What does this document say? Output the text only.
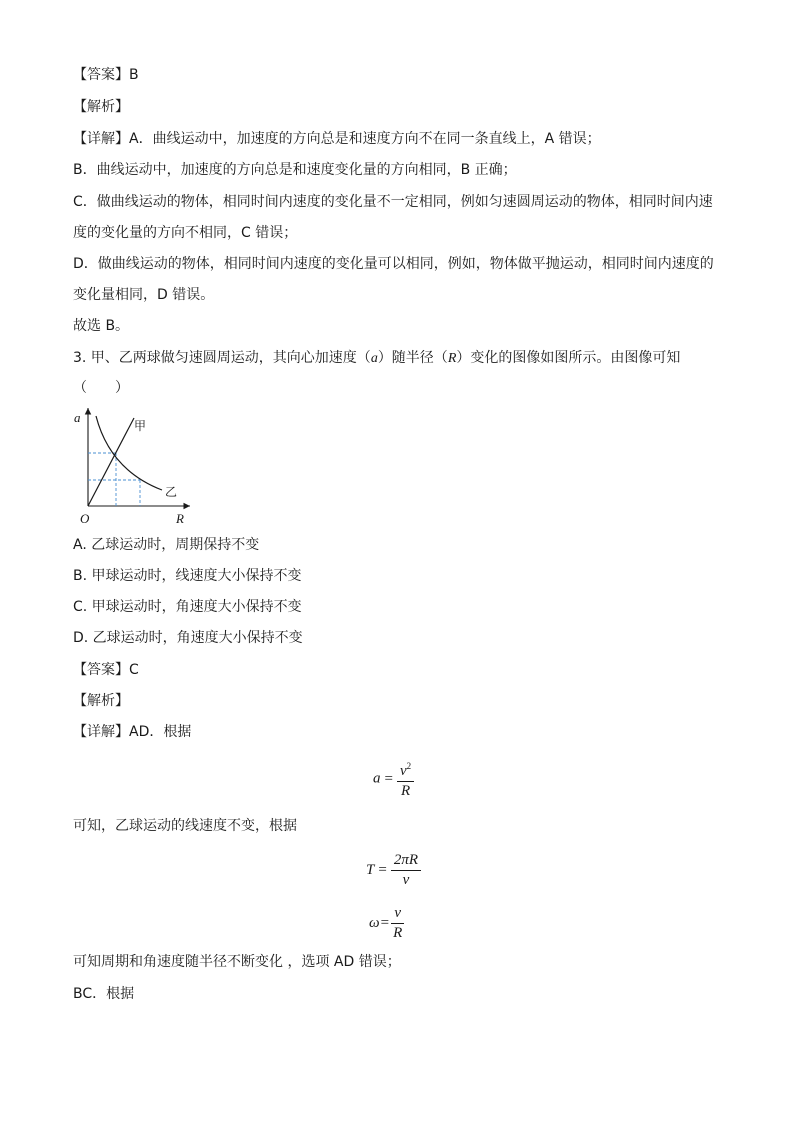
【答案】B
【解析】
【详解】A．曲线运动中，加速度的方向总是和速度方向不在同一条直线上，A 错误；
B．曲线运动中，加速度的方向总是和速度变化量的方向相同，B 正确；
C．做曲线运动的物体，相同时间内速度的变化量不一定相同，例如匀速圆周运动的物体，相同时间内速
度的变化量的方向不相同，C 错误；
D．做曲线运动的物体，相同时间内速度的变化量可以相同，例如，物体做平抛运动，相同时间内速度的
变化量相同，D 错误。
故选 B。
3. 甲、乙两球做匀速圆周运动，其向心加速度（a）随半径（R）变化的图像如图所示。由图像可知
（　　）
a
R
O
甲
乙
A. 乙球运动时，周期保持不变
B. 甲球运动时，线速度大小保持不变
C. 甲球运动时，角速度大小保持不变
D. 乙球运动时，角速度大小保持不变
【答案】C
【解析】
【详解】AD．根据
$a = \frac{v^2}{R}$
可知，乙球运动的线速度不变，根据
$T = \frac{2\pi R}{v}$
$\omega= \frac{v}{R}$
可知周期和角速度随半径不断变化 ，选项 AD 错误；
BC．根据
